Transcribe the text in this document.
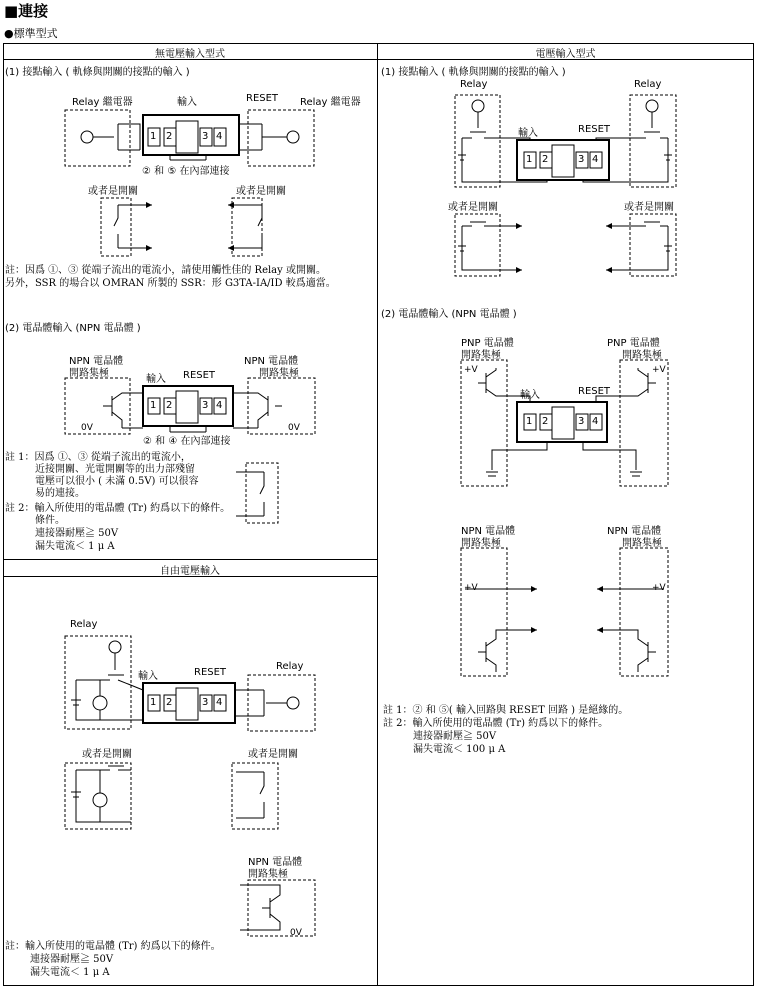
■連接
●標準型式
無電壓輸入型式	電壓輸入型式
自由電壓輸入
(1) 接點輸入 ( 軌條與開關的接點的輸入 )
Relay 繼電器	輸入	RESET Relay 繼電器
② 和 ⑤ 在內部連接
或者是開關	或者是開關
註：因爲 ①、③ 從端子流出的電流小，請使用觸性佳的 Relay 或開關。
另外，SSR 的場合以 OMRAN 所製的 SSR：形 G3TA-IA/ID 較爲適當。
1 2	3 4
(2) 電晶體輸入 (NPN 電晶體 )
NPN 電晶體
開路集極
NPN 電晶體
開路集極
輸入 RESET
0V	0V
② 和 ④ 在內部連接
1 2	3 4
註 1：因爲 ①、③ 從端子流出的電流小，
近接開關、光電開關等的出力部殘留
電壓可以很小 ( 未滿 0.5V) 可以很容
易的連接。
註 2：輸入所使用的電晶體 (Tr) 約爲以下的條件。
條件。
連接器耐壓≧ 50V
漏失電流＜ 1 μ A
Relay
輸入	RESET
Relay
或者是開關	或者是開關
NPN 電晶體
開路集極
0V
註：輸入所使用的電晶體 (Tr) 約爲以下的條件。
連接器耐壓≧ 50V
漏失電流＜ 1 μ A
1 2	3 4
(1) 接點輸入 ( 軌條與開關的接點的輸入 )
Relay	Relay
輸入	RESET
或者是開關	或者是開關
1 2	3 4
(2) 電晶體輸入 (NPN 電晶體 )
PNP 電晶體
開路集極
PNP 電晶體
開路集極
輸入	RESET
+V	+V
1 2	3 4
NPN 電晶體
開路集極
NPN 電晶體
開路集極
+V	+V
註 1：② 和 ⑤( 輸入回路與 RESET 回路 ) 是絕緣的。
註 2：輸入所使用的電晶體 (Tr) 約爲以下的條件。
連接器耐壓≧ 50V
漏失電流＜ 100 μ A
